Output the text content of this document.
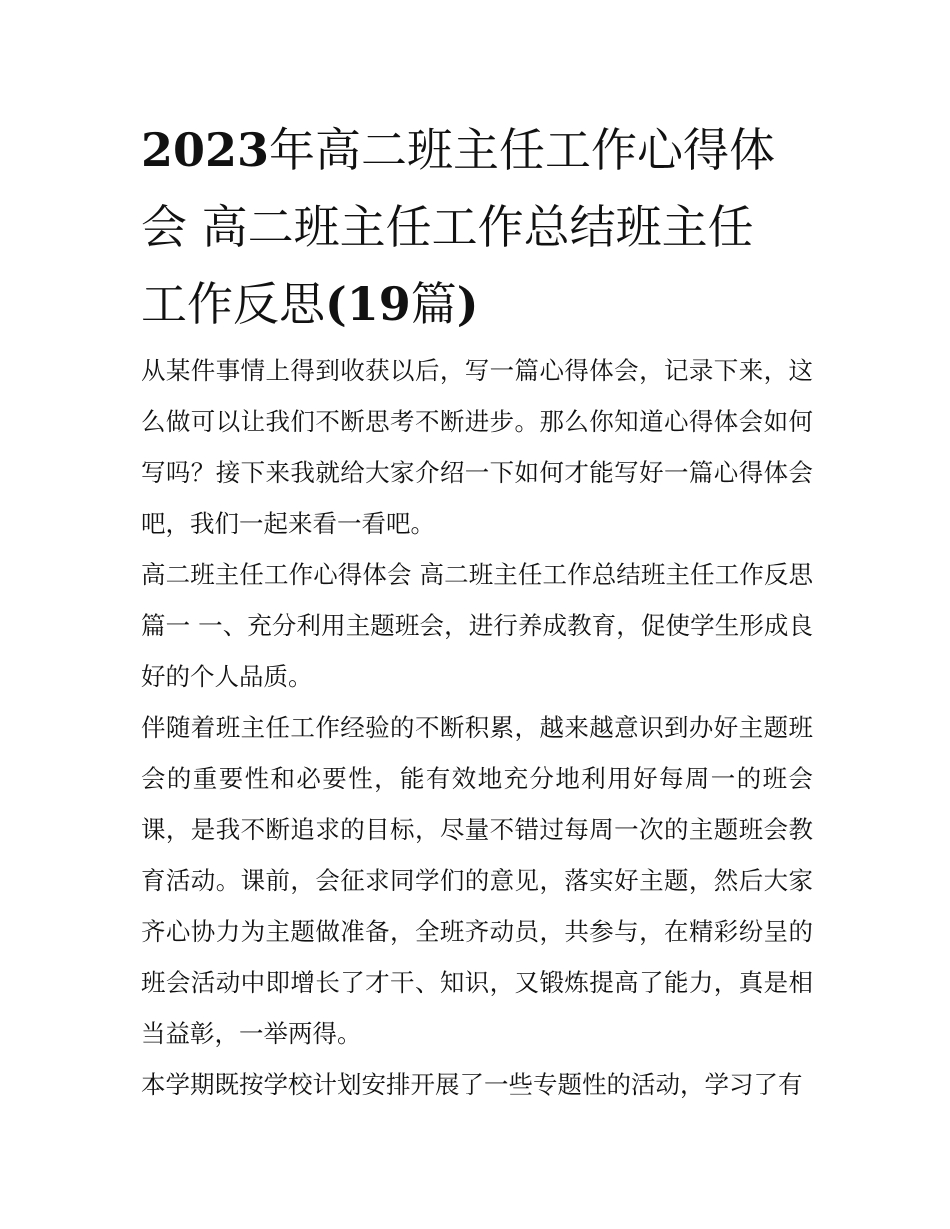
2023年高二班主任工作心得体
会 高二班主任工作总结班主任
工作反思(19篇)

从某件事情上得到收获以后，写一篇心得体会，记录下来，这么做可以让我们不断思考不断进步。那么你知道心得体会如何写吗？接下来我就给大家介绍一下如何才能写好一篇心得体会吧，我们一起来看一看吧。

高二班主任工作心得体会 高二班主任工作总结班主任工作反思篇一 一、充分利用主题班会，进行养成教育，促使学生形成良好的个人品质。

伴随着班主任工作经验的不断积累，越来越意识到办好主题班会的重要性和必要性，能有效地充分地利用好每周一的班会课，是我不断追求的目标，尽量不错过每周一次的主题班会教育活动。课前，会征求同学们的意见，落实好主题，然后大家齐心协力为主题做准备，全班齐动员，共参与，在精彩纷呈的班会活动中即增长了才干、知识，又锻炼提高了能力，真是相当益彰，一举两得。

本学期既按学校计划安排开展了一些专题性的活动，学习了有
